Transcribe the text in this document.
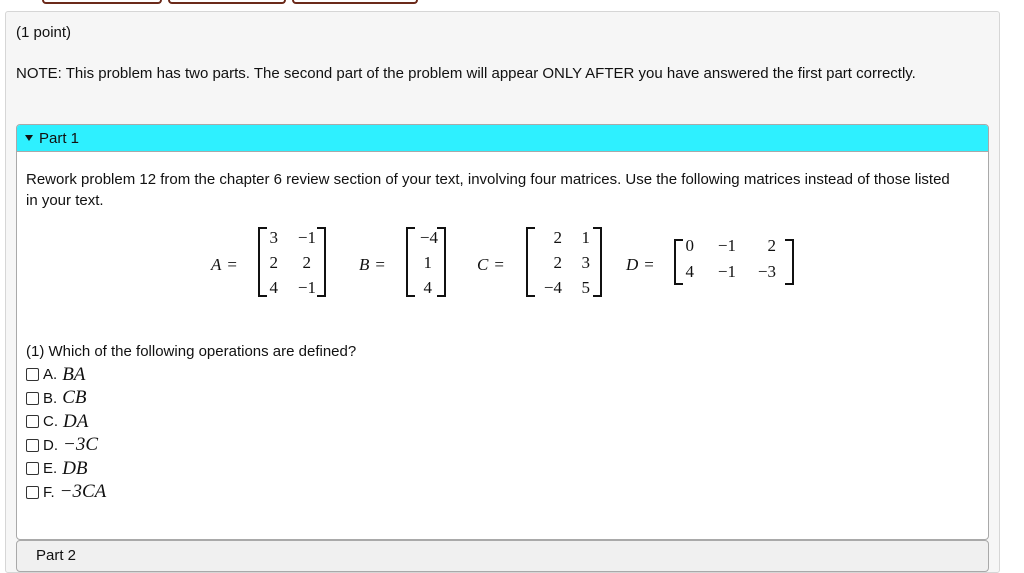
(1 point)
NOTE: This problem has two parts. The second part of the problem will appear ONLY AFTER you have answered the first part correctly.
Part 1
Rework problem 12 from the chapter 6 review section of your text, involving four matrices. Use the following matrices instead of those listed in your text.
A =
3	−1
2	2
4	−1
B =
−4
1
4
C =
2	1
2	3
−4	5
D =
0	−1	2
4	−1	−3
(1) Which of the following operations are defined?
A. BA
B. CB
C. DA
D. −3C
E. DB
F. −3CA
Part 2
